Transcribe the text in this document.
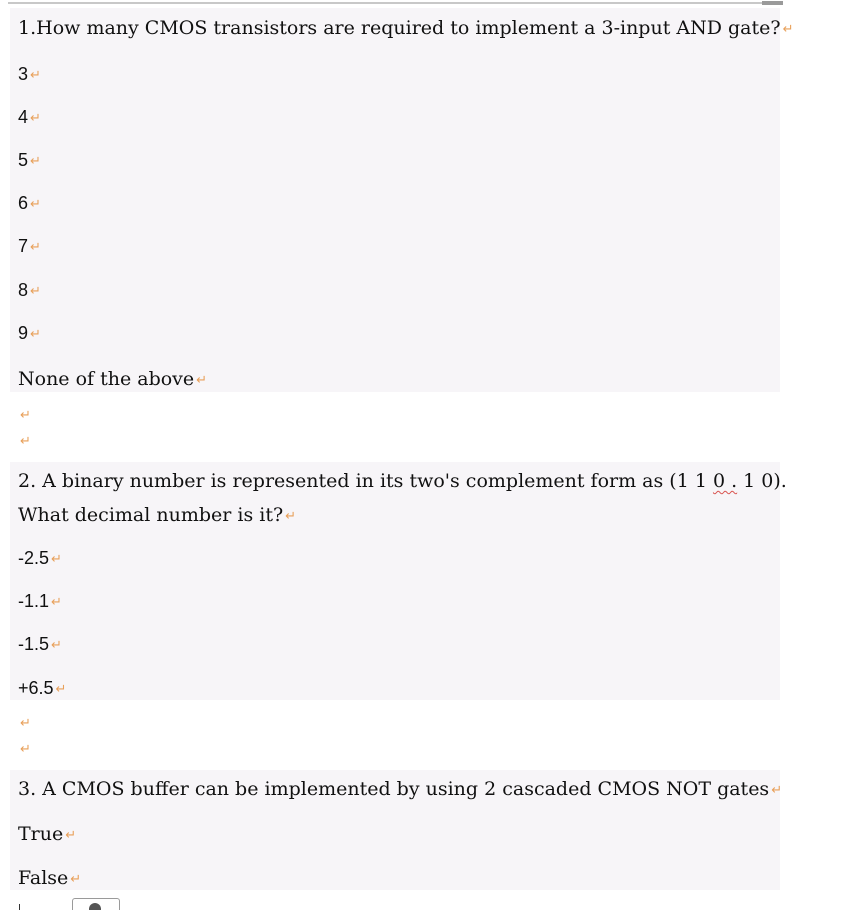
1.How many CMOS transistors are required to implement a 3-input AND gate? ↵
3 ↵
4 ↵
5 ↵
6 ↵
7 ↵
8 ↵
9 ↵
None of the above ↵
↵
↵
2. A binary number is represented in its two's complement form as (1 1 0 . 1 0).
What decimal number is it? ↵
-2.5 ↵
-1.1 ↵
-1.5 ↵
+6.5 ↵
↵
↵
3. A CMOS buffer can be implemented by using 2 cascaded CMOS NOT gates ↵
True ↵
False ↵
